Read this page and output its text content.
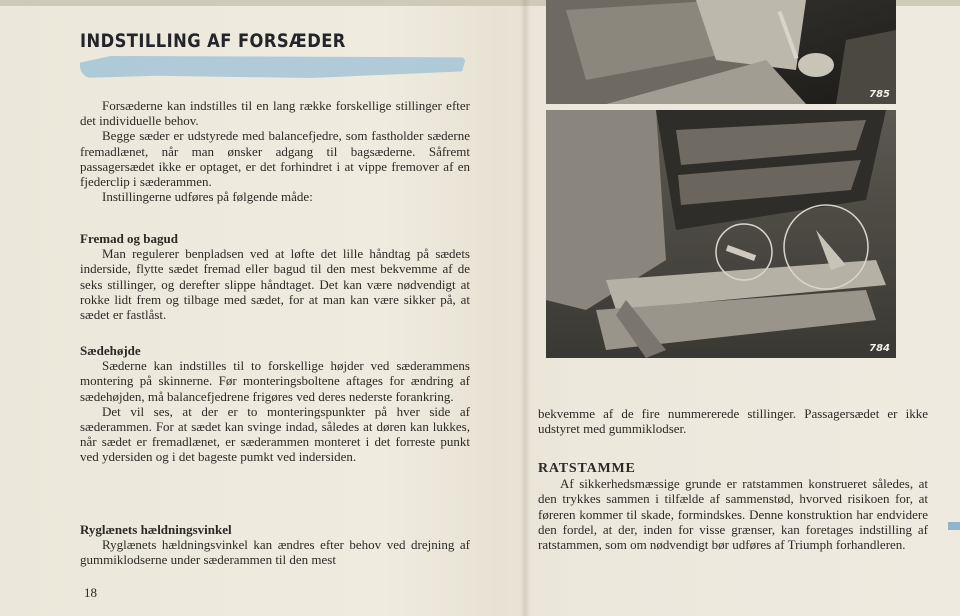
INDSTILLING AF FORSÆDER

Forsæderne kan indstilles til en lang række forskellige stillinger efter det individuelle behov.

Begge sæder er udstyrede med balancefjedre, som fastholder sæderne fremadlænet, når man ønsker adgang til bagsæderne. Såfremt passagersædet ikke er optaget, er det forhindret i at vippe fremover af en fjederclip i sæderammen.

Instillingerne udføres på følgende måde:

Fremad og bagud

Man regulerer benpladsen ved at løfte det lille håndtag på sædets inderside, flytte sædet fremad eller bagud til den mest bekvemme af de seks stillinger, og derefter slippe håndtaget. Det kan være nødvendigt at rokke lidt frem og tilbage med sædet, for at man kan være sikker på, at sædet er fastlåst.

Sædehøjde

Sæderne kan indstilles til to forskellige højder ved sæderammens montering på skinnerne. Før monteringsboltene aftages for ændring af sædehøjden, må balancefjedrene frigøres ved deres nederste forankring.

Det vil ses, at der er to monteringspunkter på hver side af sæderammen. For at sædet kan svinge indad, således at døren kan lukkes, når sædet er fremadlænet, er sæderammen monteret i det forreste punkt ved ydersiden og i det bageste pumkt ved indersiden.

Ryglænets hældningsvinkel

Ryglænets hældningsvinkel kan ændres efter behov ved drejning af gummiklodserne under sæderammen til den mest

18
785
784

bekvemme af de fire nummererede stillinger. Passagersædet er ikke udstyret med gummiklodser.

RATSTAMME

Af sikkerhedsmæssige grunde er ratstammen konstrueret således, at den trykkes sammen i tilfælde af sammenstød, hvorved risikoen for, at føreren kommer til skade, formindskes. Denne konstruktion har endvidere den fordel, at der, inden for visse grænser, kan foretages indstilling af ratstammen, som om nødvendigt bør udføres af Triumph forhandleren.
